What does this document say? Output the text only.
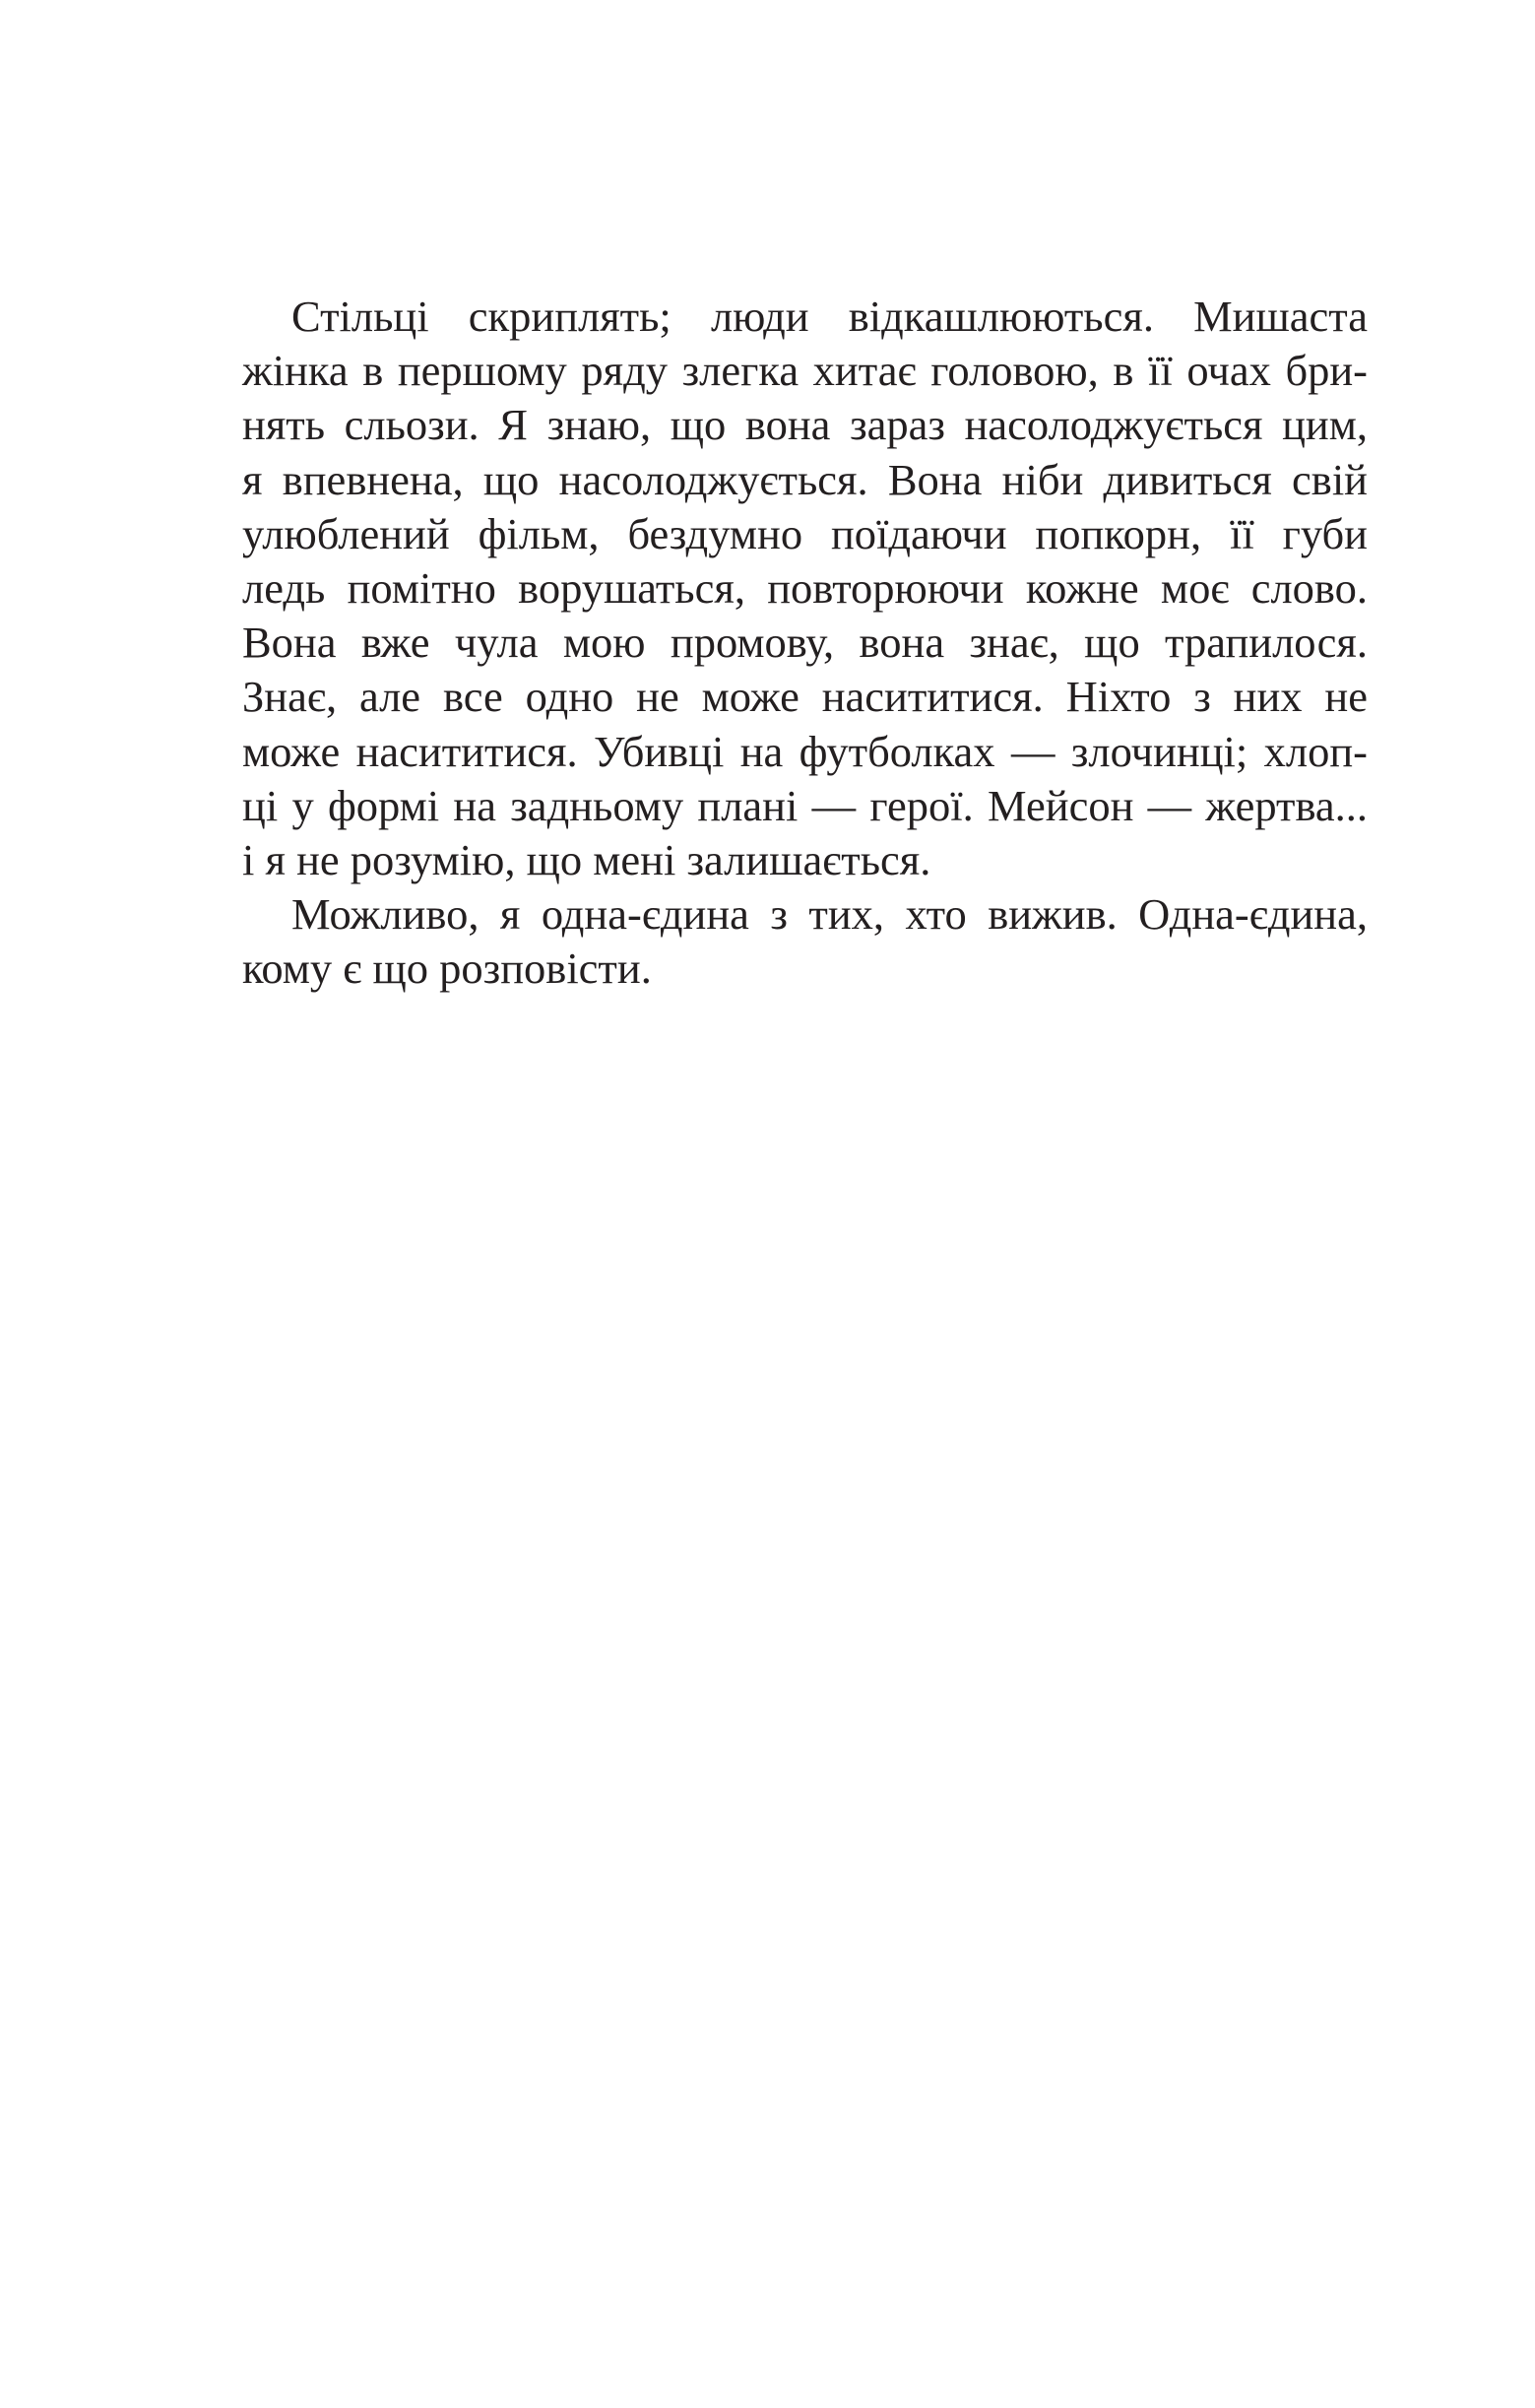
Стільці скриплять; люди відкашлюються. Мишаста
жінка в першому ряду злегка хитає головою, в її очах бри-
нять сльози. Я знаю, що вона зараз насолоджується цим,
я впевнена, що насолоджується. Вона ніби дивиться свій
улюблений фільм, бездумно поїдаючи попкорн, її губи
ледь помітно ворушаться, повторюючи кожне моє слово.
Вона вже чула мою промову, вона знає, що трапилося.
Знає, але все одно не може насититися. Ніхто з них не
може насититися. Убивці на футболках — злочинці; хлоп-
ці у формі на задньому плані — герої. Мейсон — жертва...
і я не розумію, що мені залишається.
Можливо, я одна-єдина з тих, хто вижив. Одна-єдина,
кому є що розповісти.
